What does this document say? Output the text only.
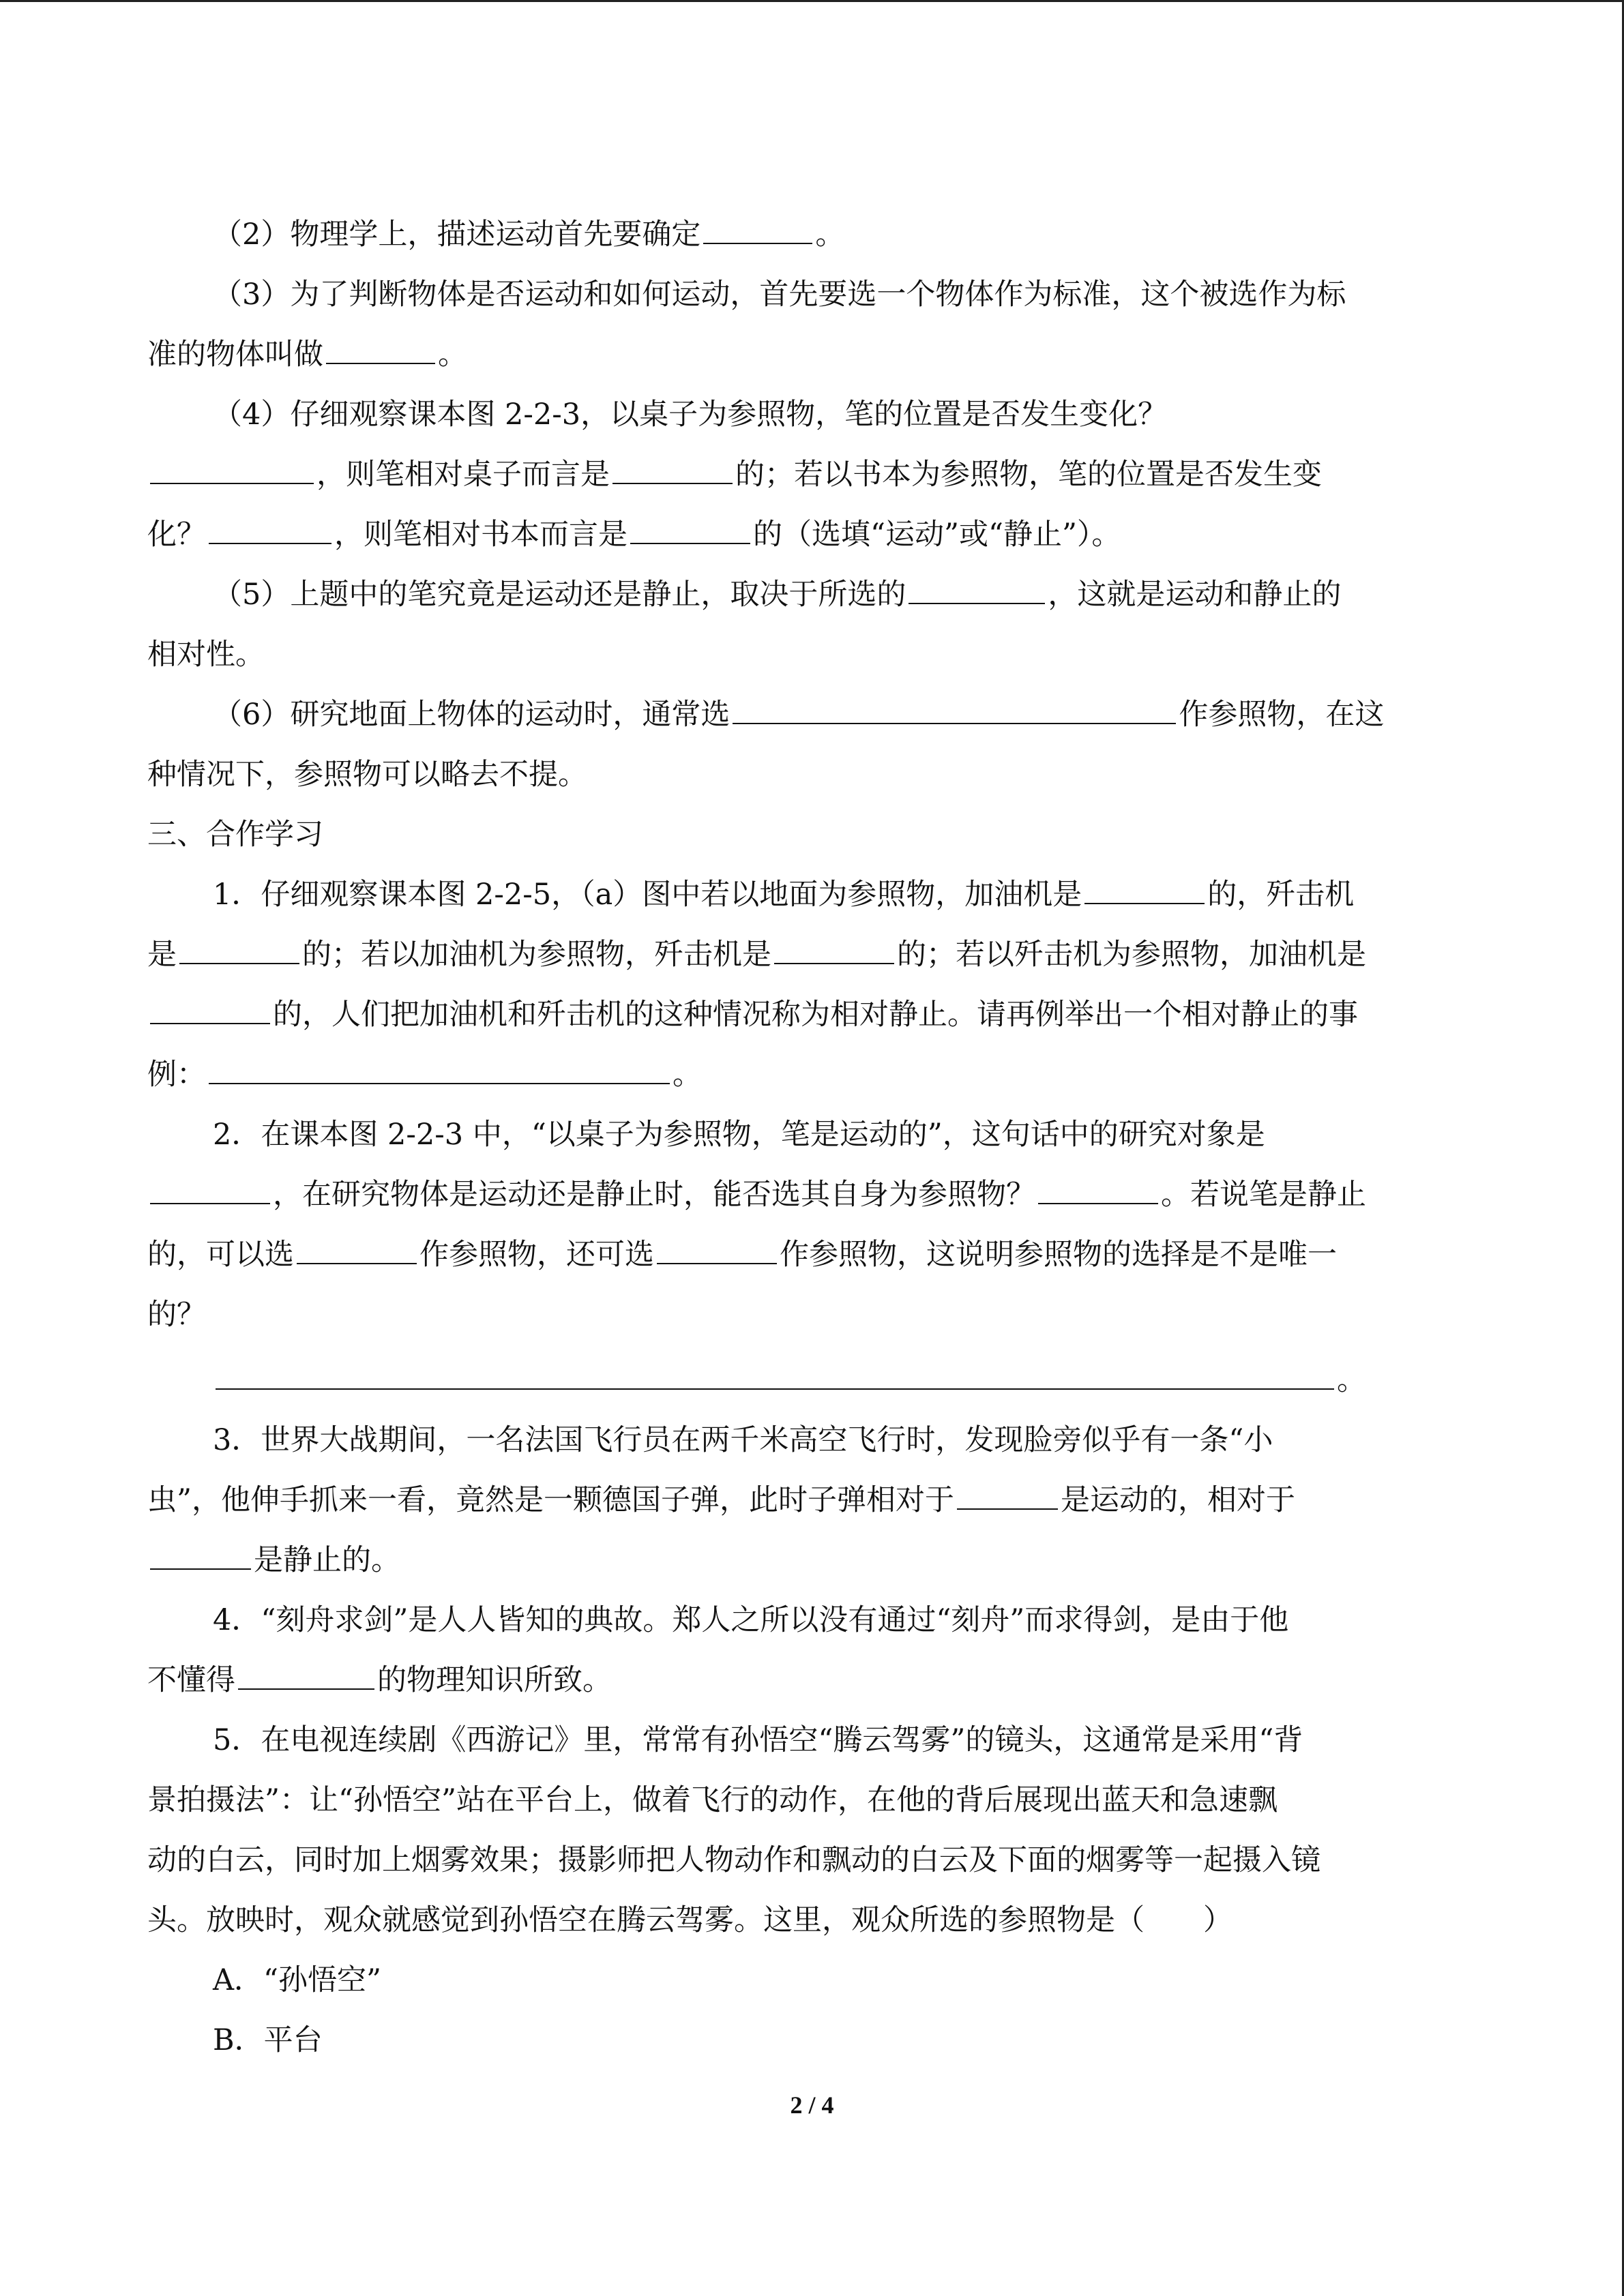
（2）物理学上，描述运动首先要确定	。

（3）为了判断物体是否运动和如何运动，首先要选一个物体作为标准，这个被选作为标

准的物体叫做	。

（4）仔细观察课本图 2-2-3，以桌子为参照物，笔的位置是否发生变化？

，则笔相对桌子而言是	的；若以书本为参照物，笔的位置是否发生变

化？	，则笔相对书本而言是	的（选填“运动”或“静止”）。

（5）上题中的笔究竟是运动还是静止，取决于所选的	，这就是运动和静止的

相对性。

（6）研究地面上物体的运动时，通常选	作参照物，在这

种情况下，参照物可以略去不提。

三、合作学习

1．仔细观察课本图 2-2-5，（a）图中若以地面为参照物，加油机是	的，歼击机

是	的；若以加油机为参照物，歼击机是	的；若以歼击机为参照物，加油机是

的，人们把加油机和歼击机的这种情况称为相对静止。请再例举出一个相对静止的事

例：	。

2．在课本图 2-2-3 中，“以桌子为参照物，笔是运动的”，这句话中的研究对象是

，在研究物体是运动还是静止时，能否选其自身为参照物？	。若说笔是静止

的，可以选	作参照物，还可选	作参照物，这说明参照物的选择是不是唯一

的？

。

3．世界大战期间，一名法国飞行员在两千米高空飞行时，发现脸旁似乎有一条“小

虫”，他伸手抓来一看，竟然是一颗德国子弹，此时子弹相对于	是运动的，相对于

是静止的。

4．“刻舟求剑”是人人皆知的典故。郑人之所以没有通过“刻舟”而求得剑，是由于他

不懂得	的物理知识所致。

5．在电视连续剧《西游记》里，常常有孙悟空“腾云驾雾”的镜头，这通常是采用“背

景拍摄法”：让“孙悟空”站在平台上，做着飞行的动作，在他的背后展现出蓝天和急速飘

动的白云，同时加上烟雾效果；摄影师把人物动作和飘动的白云及下面的烟雾等一起摄入镜

头。放映时，观众就感觉到孙悟空在腾云驾雾。这里，观众所选的参照物是（　　）

A．“孙悟空”

B．平台

2 / 4
